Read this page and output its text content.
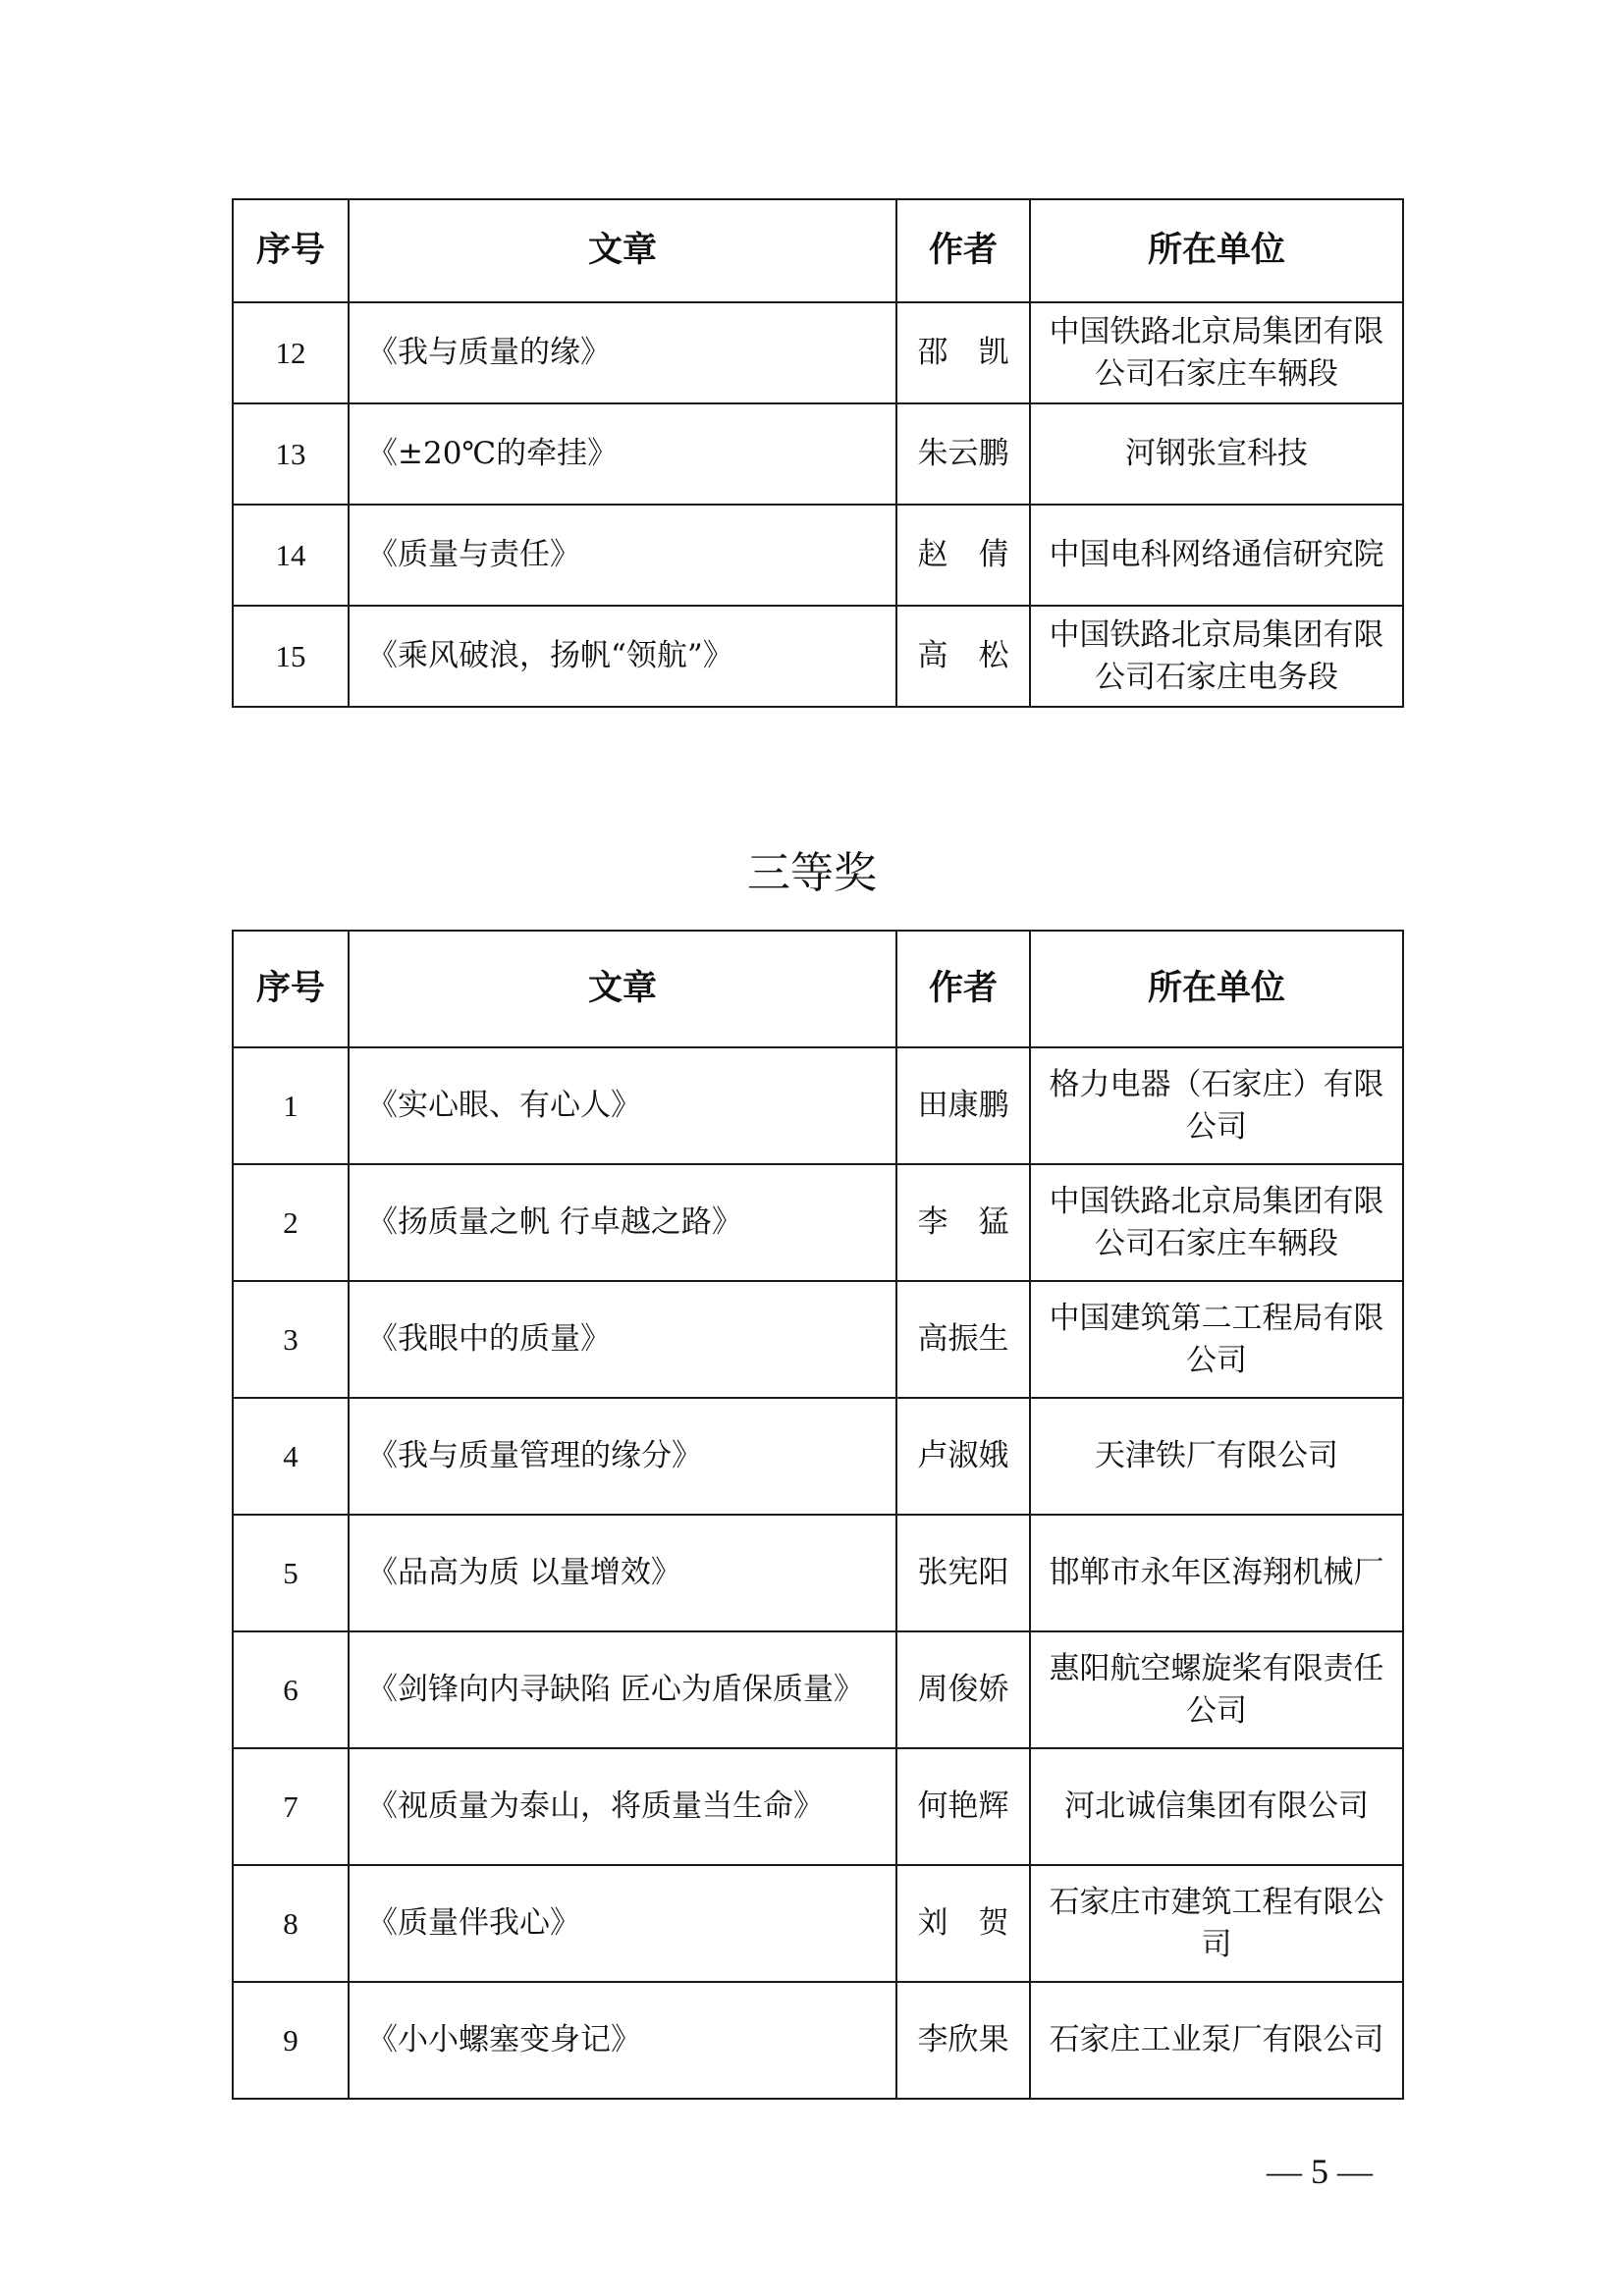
序号	文章	作者	所在单位
12	《我与质量的缘》	邵　凯	中国铁路北京局集团有限公司石家庄车辆段
13	《±20℃的牵挂》	朱云鹏	河钢张宣科技
14	《质量与责任》	赵　倩	中国电科网络通信研究院
15	《乘风破浪，扬帆“领航”》	高　松	中国铁路北京局集团有限公司石家庄电务段
三等奖
序号	文章	作者	所在单位
1	《实心眼、有心人》	田康鹏	格力电器（石家庄）有限公司
2	《扬质量之帆 行卓越之路》	李　猛	中国铁路北京局集团有限公司石家庄车辆段
3	《我眼中的质量》	高振生	中国建筑第二工程局有限公司
4	《我与质量管理的缘分》	卢淑娥	天津铁厂有限公司
5	《品高为质 以量增效》	张宪阳	邯郸市永年区海翔机械厂
6	《剑锋向内寻缺陷 匠心为盾保质量》	周俊娇	惠阳航空螺旋桨有限责任公司
7	《视质量为泰山，将质量当生命》	何艳辉	河北诚信集团有限公司
8	《质量伴我心》	刘　贺	石家庄市建筑工程有限公司
9	《小小螺塞变身记》	李欣果	石家庄工业泵厂有限公司
— 5 —
